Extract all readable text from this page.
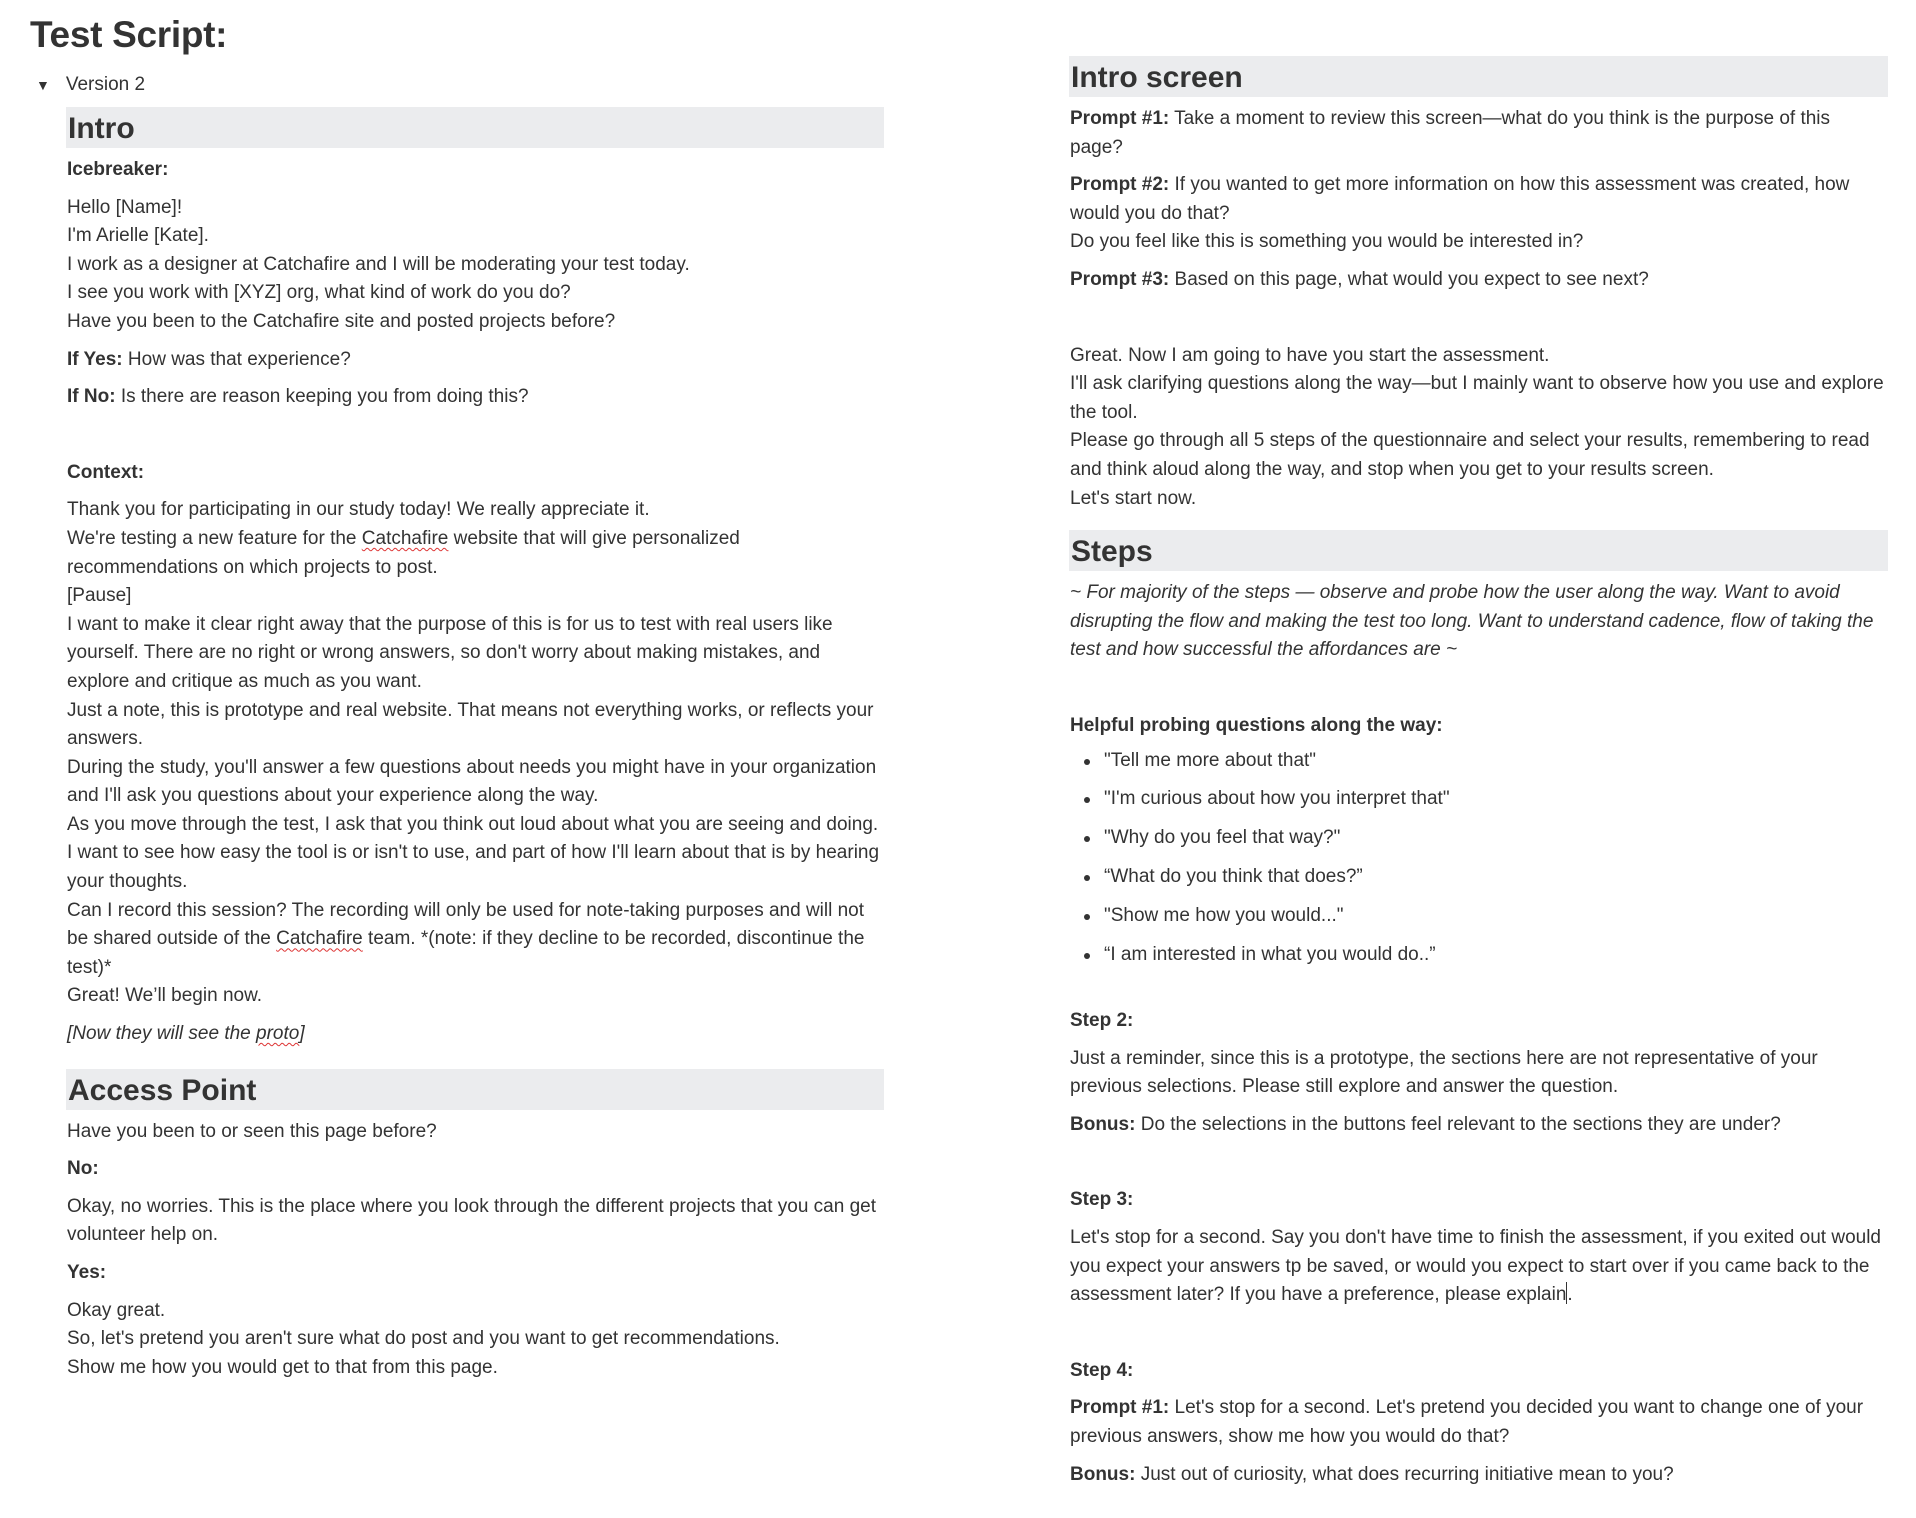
Test Script:
▼ Version 2
Intro

Icebreaker:

Hello [Name]!

I'm Arielle [Kate].

I work as a designer at Catchafire and I will be moderating your test today.

I see you work with [XYZ] org, what kind of work do you do?

Have you been to the Catchafire site and posted projects before?

If Yes: How was that experience?

If No: Is there are reason keeping you from doing this?

Context:

Thank you for participating in our study today! We really appreciate it.

We're testing a new feature for the Catchafire website that will give personalized recommendations on which projects to post.

[Pause]

I want to make it clear right away that the purpose of this is for us to test with real users like yourself. There are no right or wrong answers, so don't worry about making mistakes, and explore and critique as much as you want.

Just a note, this is prototype and real website. That means not everything works, or reflects your answers.

During the study, you'll answer a few questions about needs you might have in your organization and I'll ask you questions about your experience along the way.

As you move through the test, I ask that you think out loud about what you are seeing and doing.

I want to see how easy the tool is or isn't to use, and part of how I'll learn about that is by hearing your thoughts.

Can I record this session? The recording will only be used for note-taking purposes and will not be shared outside of the Catchafire team. *(note: if they decline to be recorded, discontinue the test)*

Great! We’ll begin now.

[Now they will see the proto]

Access Point

Have you been to or seen this page before?

No:

Okay, no worries. This is the place where you look through the different projects that you can get volunteer help on.

Yes:

Okay great.

So, let's pretend you aren't sure what do post and you want to get recommendations.

Show me how you would get to that from this page.

Intro screen

Prompt #1: Take a moment to review this screen—what do you think is the purpose of this page?

Prompt #2: If you wanted to get more information on how this assessment was created, how would you do that?

Do you feel like this is something you would be interested in?

Prompt #3: Based on this page, what would you expect to see next?

Great. Now I am going to have you start the assessment.

I'll ask clarifying questions along the way—but I mainly want to observe how you use and explore the tool.

Please go through all 5 steps of the questionnaire and select your results, remembering to read and think aloud along the way, and stop when you get to your results screen.

Let's start now.

Steps

~ For majority of the steps — observe and probe how the user along the way. Want to avoid disrupting the flow and making the test too long. Want to understand cadence, flow of taking the test and how successful the affordances are ~

Helpful probing questions along the way:

"Tell me more about that"
"I'm curious about how you interpret that"
"Why do you feel that way?"
“What do you think that does?”
"Show me how you would..."
“I am interested in what you would do..”

Step 2:

Just a reminder, since this is a prototype, the sections here are not representative of your previous selections. Please still explore and answer the question.

Bonus: Do the selections in the buttons feel relevant to the sections they are under?

Step 3:

Let's stop for a second. Say you don't have time to finish the assessment, if you exited out would you expect your answers tp be saved, or would you expect to start over if you came back to the assessment later? If you have a preference, please explain.

Step 4:

Prompt #1: Let's stop for a second. Let's pretend you decided you want to change one of your previous answers, show me how you would do that?

Bonus: Just out of curiosity, what does recurring initiative mean to you?
